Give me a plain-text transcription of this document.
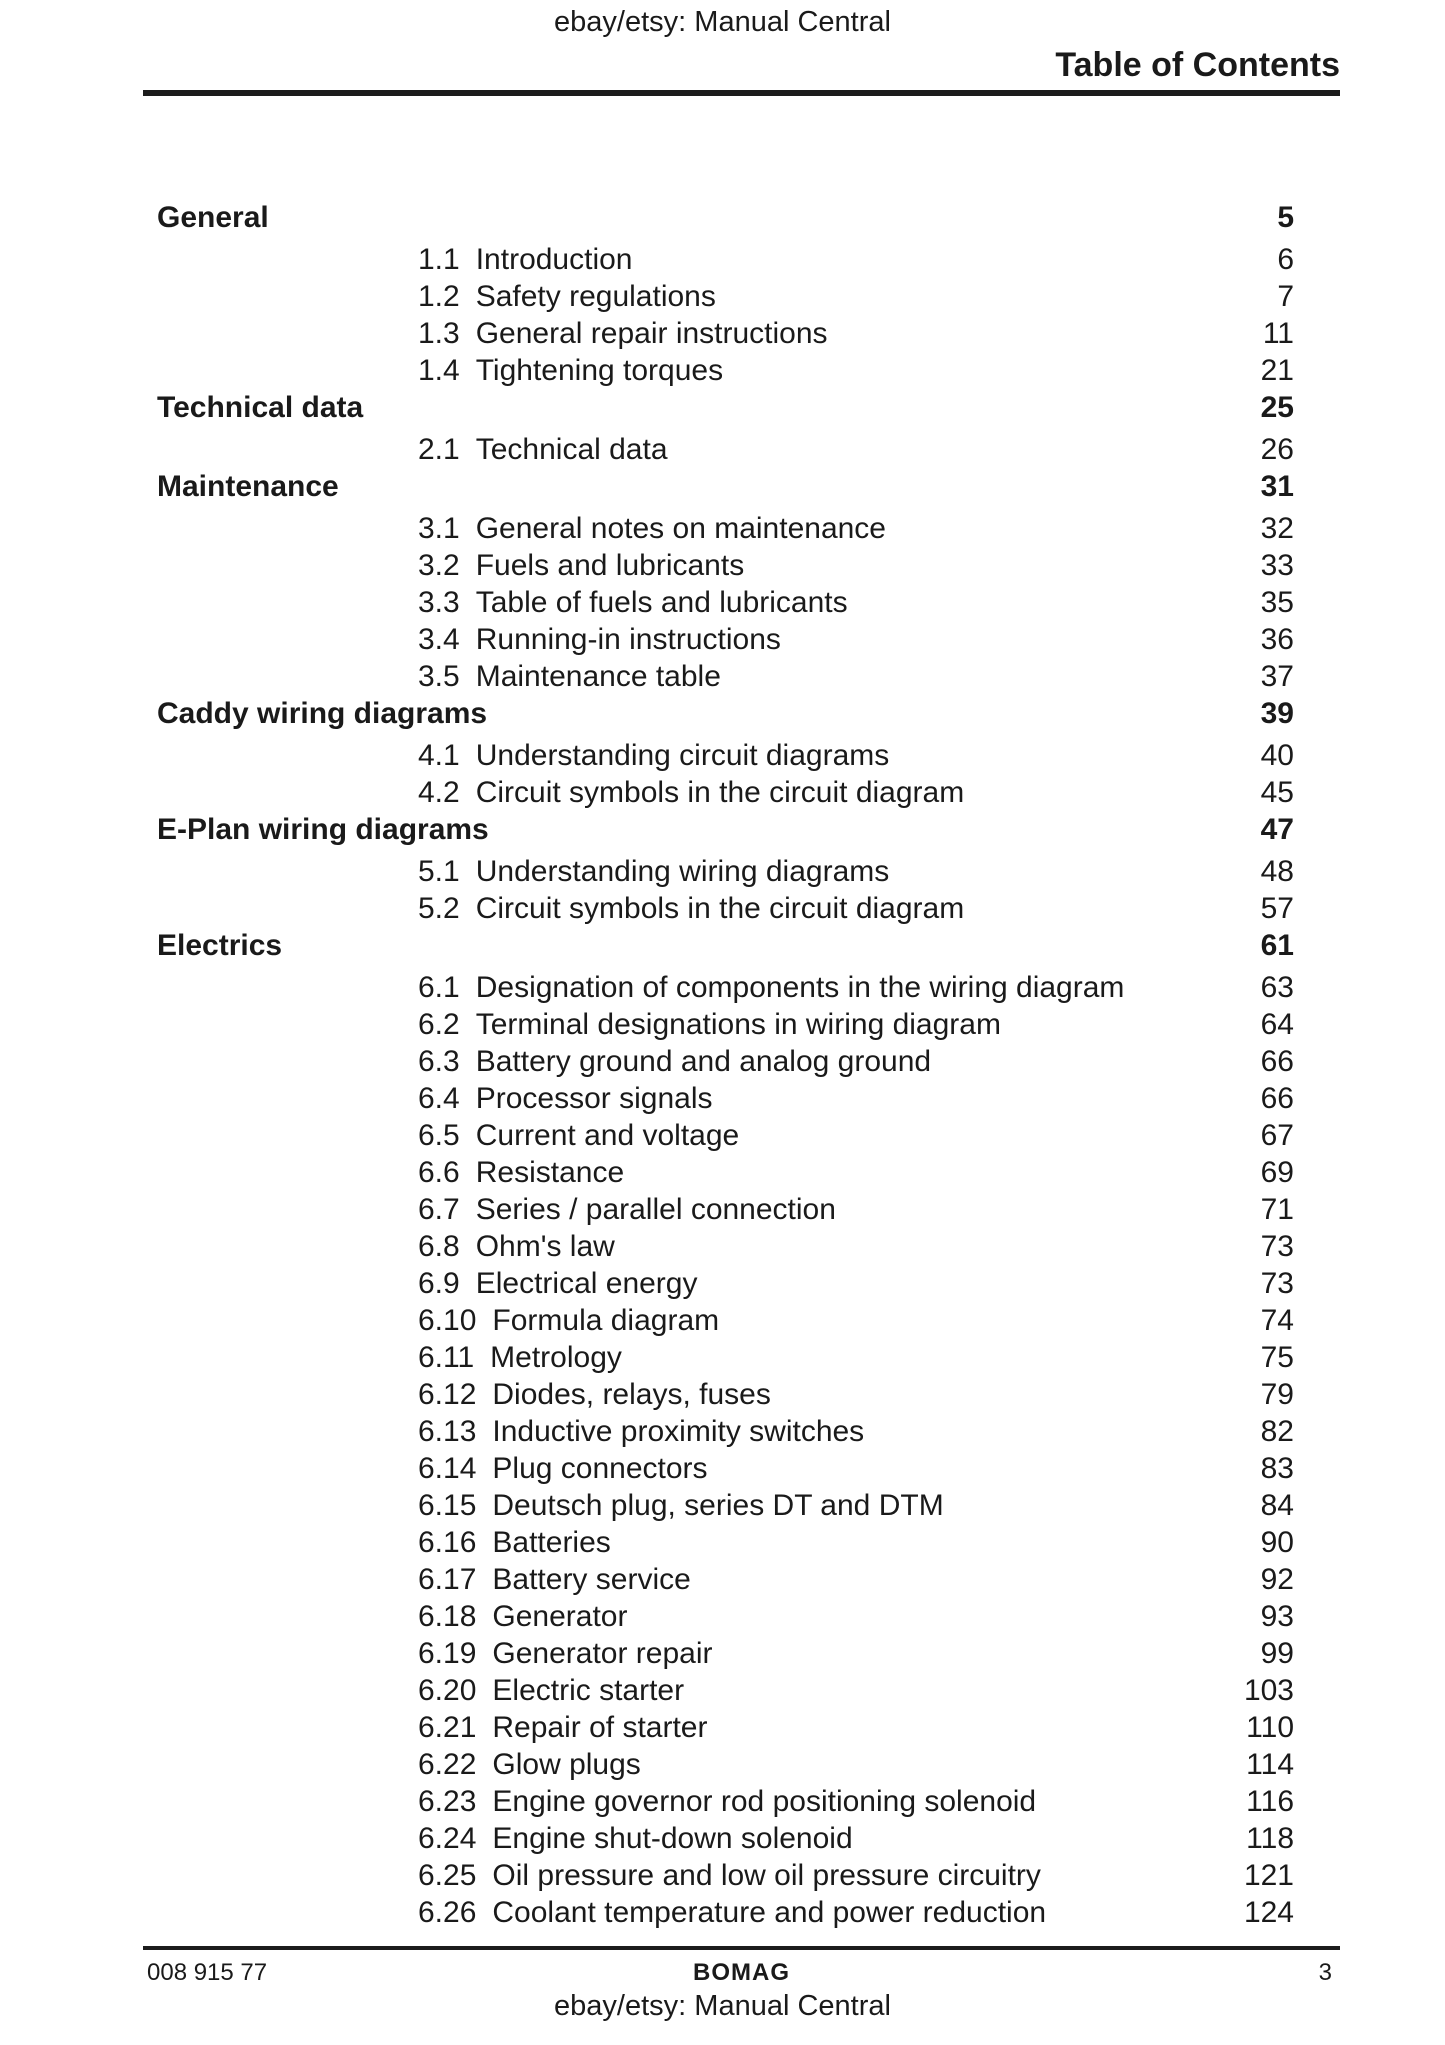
ebay/etsy: Manual Central
Table of Contents
General	5
1.1 Introduction	6
1.2 Safety regulations	7
1.3 General repair instructions	11
1.4 Tightening torques	21
Technical data	25
2.1 Technical data	26
Maintenance	31
3.1 General notes on maintenance	32
3.2 Fuels and lubricants	33
3.3 Table of fuels and lubricants	35
3.4 Running-in instructions	36
3.5 Maintenance table	37
Caddy wiring diagrams	39
4.1 Understanding circuit diagrams	40
4.2 Circuit symbols in the circuit diagram	45
E-Plan wiring diagrams	47
5.1 Understanding wiring diagrams	48
5.2 Circuit symbols in the circuit diagram	57
Electrics	61
6.1 Designation of components in the wiring diagram	63
6.2 Terminal designations in wiring diagram	64
6.3 Battery ground and analog ground	66
6.4 Processor signals	66
6.5 Current and voltage	67
6.6 Resistance	69
6.7 Series / parallel connection	71
6.8 Ohm's law	73
6.9 Electrical energy	73
6.10 Formula diagram	74
6.11 Metrology	75
6.12 Diodes, relays, fuses	79
6.13 Inductive proximity switches	82
6.14 Plug connectors	83
6.15 Deutsch plug, series DT and DTM	84
6.16 Batteries	90
6.17 Battery service	92
6.18 Generator	93
6.19 Generator repair	99
6.20 Electric starter	103
6.21 Repair of starter	110
6.22 Glow plugs	114
6.23 Engine governor rod positioning solenoid	116
6.24 Engine shut-down solenoid	118
6.25 Oil pressure and low oil pressure circuitry	121
6.26 Coolant temperature and power reduction	124
008 915 77	BOMAG	3
ebay/etsy: Manual Central
